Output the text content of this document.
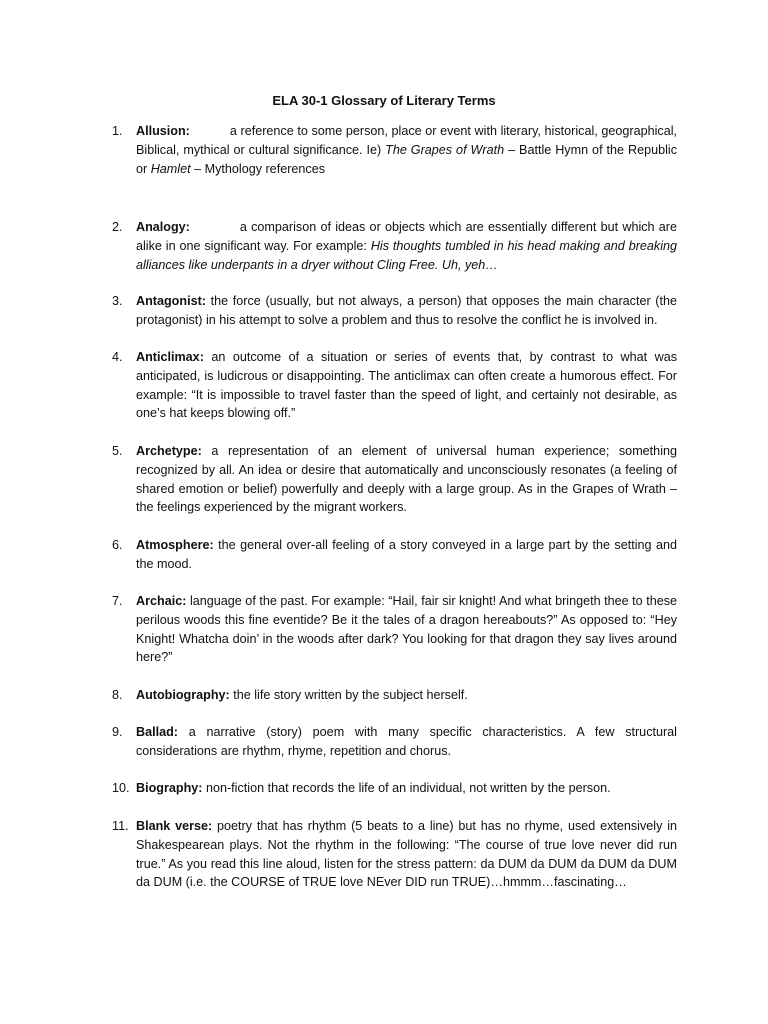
ELA 30-1 Glossary of Literary Terms
1.	Allusion:	a reference to some person, place or event with literary, historical, geographical, Biblical, mythical or cultural significance. Ie) The Grapes of Wrath – Battle Hymn of the Republic or Hamlet – Mythology references
2.	Analogy:	a comparison of ideas or objects which are essentially different but which are alike in one significant way. For example: His thoughts tumbled in his head making and breaking alliances like underpants in a dryer without Cling Free. Uh, yeh…
3.	Antagonist: the force (usually, but not always, a person) that opposes the main character (the protagonist) in his attempt to solve a problem and thus to resolve the conflict he is involved in.
4.	Anticlimax: an outcome of a situation or series of events that, by contrast to what was anticipated, is ludicrous or disappointing. The anticlimax can often create a humorous effect. For example: “It is impossible to travel faster than the speed of light, and certainly not desirable, as one’s hat keeps blowing off.”
5.	Archetype: a representation of an element of universal human experience; something recognized by all. An idea or desire that automatically and unconsciously resonates (a feeling of shared emotion or belief) powerfully and deeply with a large group. As in the Grapes of Wrath – the feelings experienced by the migrant workers.
6.	Atmosphere: the general over-all feeling of a story conveyed in a large part by the setting and the mood.
7.	Archaic: language of the past. For example: “Hail, fair sir knight! And what bringeth thee to these perilous woods this fine eventide? Be it the tales of a dragon hereabouts?” As opposed to: “Hey Knight! Whatcha doin’ in the woods after dark? You looking for that dragon they say lives around here?”
8.	Autobiography: the life story written by the subject herself.
9.	Ballad: a narrative (story) poem with many specific characteristics. A few structural considerations are rhythm, rhyme, repetition and chorus.
10. Biography: non-fiction that records the life of an individual, not written by the person.
11. Blank verse: poetry that has rhythm (5 beats to a line) but has no rhyme, used extensively in Shakespearean plays. Not the rhythm in the following: “The course of true love never did run true.” As you read this line aloud, listen for the stress pattern: da DUM da DUM da DUM da DUM da DUM (i.e. the COURSE of TRUE love NEver DID run TRUE)…hmmm…fascinating…
